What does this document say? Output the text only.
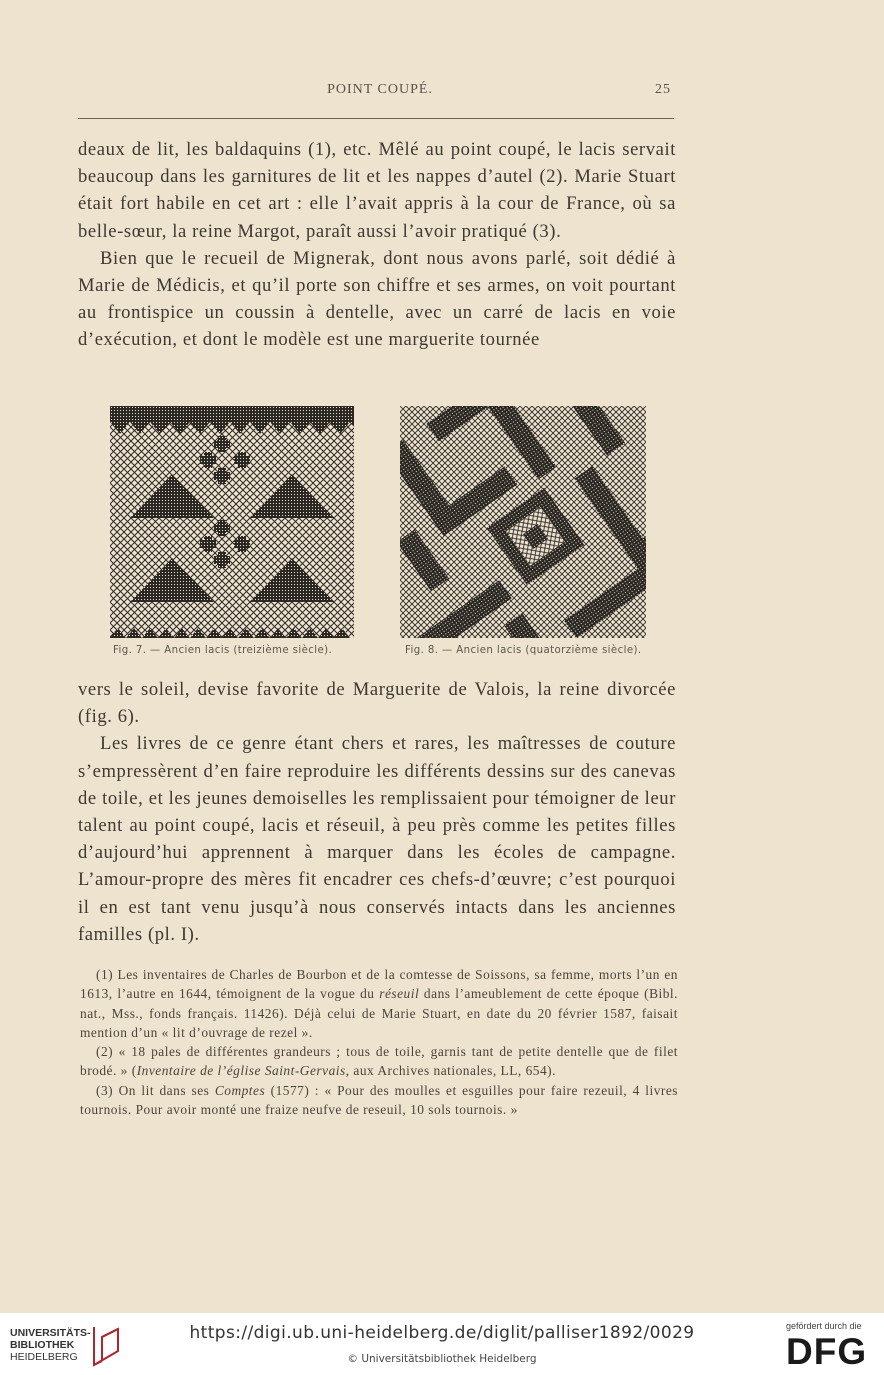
POINT COUPÉ.	25

deaux de lit, les baldaquins (1), etc. Mêlé au point coupé, le lacis servait beaucoup dans les garnitures de lit et les nappes d’autel (2). Marie Stuart était fort habile en cet art : elle l’avait appris à la cour de France, où sa belle-sœur, la reine Margot, paraît aussi l’avoir pratiqué (3).

Bien que le recueil de Mignerak, dont nous avons parlé, soit dédié à Marie de Médicis, et qu’il porte son chiffre et ses armes, on voit pourtant au frontispice un coussin à dentelle, avec un carré de lacis en voie d’exécution, et dont le modèle est une marguerite tournée

Fig. 7. — Ancien lacis (treizième siècle).	Fig. 8. — Ancien lacis (quatorzième siècle).

vers le soleil, devise favorite de Marguerite de Valois, la reine divorcée (fig. 6).

Les livres de ce genre étant chers et rares, les maîtresses de couture s’empressèrent d’en faire reproduire les différents dessins sur des canevas de toile, et les jeunes demoiselles les remplissaient pour témoigner de leur talent au point coupé, lacis et réseuil, à peu près comme les petites filles d’aujourd’hui apprennent à marquer dans les écoles de campagne. L’amour-propre des mères fit encadrer ces chefs-d’œuvre; c’est pourquoi il en est tant venu jusqu’à nous conservés intacts dans les anciennes familles (pl. I).

(1) Les inventaires de Charles de Bourbon et de la comtesse de Soissons, sa femme, morts l’un en 1613, l’autre en 1644, témoignent de la vogue du réseuil dans l’ameublement de cette époque (Bibl. nat., Mss., fonds français. 11426). Déjà celui de Marie Stuart, en date du 20 février 1587, faisait mention d’un « lit d’ouvrage de rezel ».

(2) « 18 pales de différentes grandeurs ; tous de toile, garnis tant de petite dentelle que de filet brodé. » (Inventaire de l’église Saint-Gervais, aux Archives nationales, LL, 654).

(3) On lit dans ses Comptes (1577) : « Pour des moulles et esguilles pour faire rezeuil, 4 livres tournois. Pour avoir monté une fraize neufve de reseuil, 10 sols tournois. »

UNIVERSITÄTS-
BIBLIOTHEK
HEIDELBERG
https://digi.ub.uni-heidelberg.de/diglit/palliser1892/0029
© Universitätsbibliothek Heidelberg
gefördert durch die
DFG
